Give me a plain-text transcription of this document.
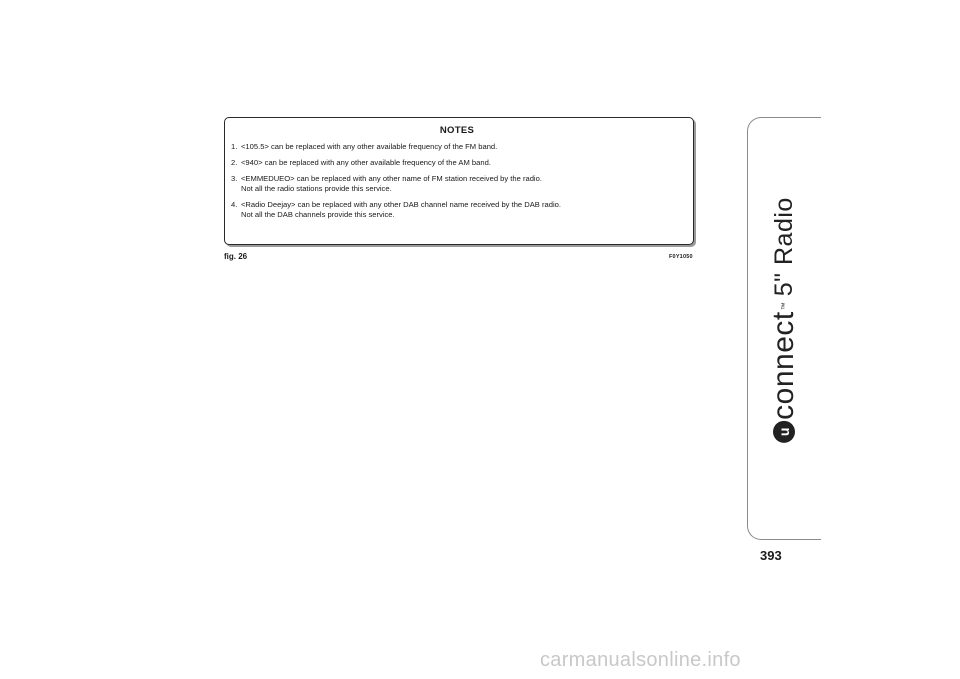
NOTES
1. <105.5> can be replaced with any other available frequency of the FM band.
2. <940> can be replaced with any other available frequency of the AM band.
3. <EMMEDUEO> can be replaced with any other name of FM station received by the radio.
Not all the radio stations provide this service.
4. <Radio Deejay> can be replaced with any other DAB channel name received by the DAB radio.
Not all the DAB channels provide this service.
fig. 26	F0Y1050
u
connect
™
5" Radio
393
carmanualsonline.info
